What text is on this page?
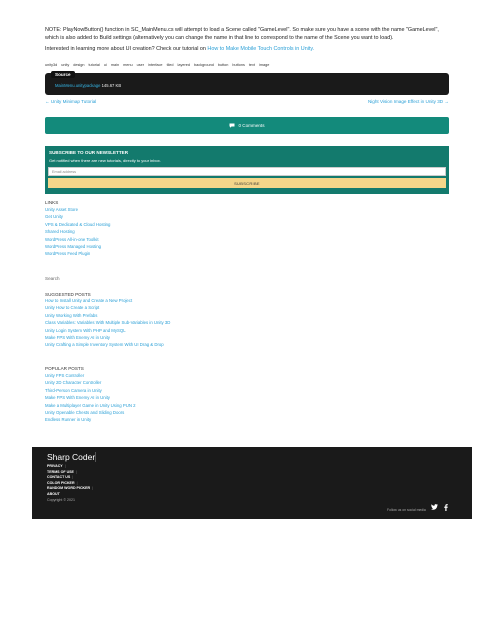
NOTE: PlayNowButton() function in SC_MainMenu.cs will attempt to load a Scene called "GameLevel". So make sure you have a scene with the name "GameLevel", which is also added to Build settings (alternatively you can change the name in that line to correspond to the name of the Scene you want to load).
Interested in learning more about UI creation? Check our tutorial on How to Make Mobile Touch Controls in Unity.
unity3d unity design tutorial ui main menu user interface tiled layered background button buttons text image
Source
MainMenu.unitypackage 145.67 KB
← Unity Minimap Tutorial	Night Vision Image Effect in Unity 3D →
0 Comments
SUBSCRIBE TO OUR NEWSLETTER
Get notified when there are new tutorials, directly to your inbox.
Email address
SUBSCRIBE
LINKS
Unity Asset Store
Get Unity
VPS & Dedicated & Cloud Hosting
Shared Hosting
WordPress All-in-one Toolkit
WordPress Managed Hosting
WordPress Feed Plugin
Search
SUGGESTED POSTS
How to Install Unity and Create a New Project
Unity How to Create a Script
Unity Working With Prefabs
Class Variables: Variables With Multiple Sub-Variables in Unity 3D
Unity Login System With PHP and MySQL
Make FPS With Enemy AI in Unity
Unity Crafting a Simple Inventory System With UI Drag & Drop
POPULAR POSTS
Unity FPS Controller
Unity 2D Character Controller
Third-Person Camera in Unity
Make FPS With Enemy AI in Unity
Make a Multiplayer Game in Unity Using PUN 2
Unity Openable Chests and Sliding Doors
Endless Runner in Unity
Sharp Coder
PRIVACY |
TERMS OF USE |
CONTACT US |
COLOR PICKER |
RANDOM WORD PICKER |
ABOUT
Copyright © 2021
Follow us on social media
